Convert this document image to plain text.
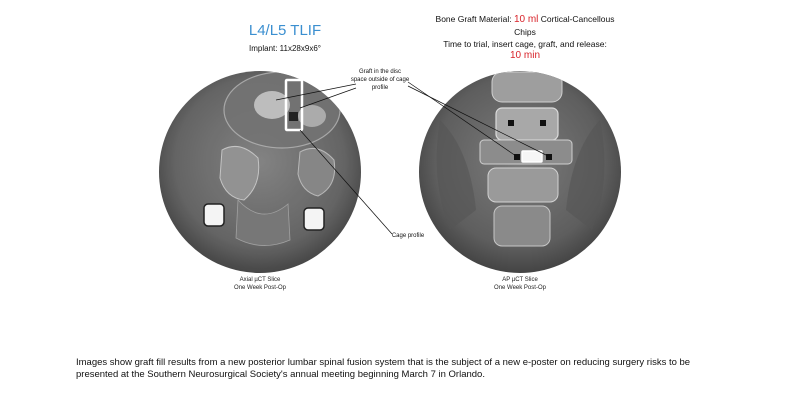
L4/L5 TLIF
Implant: 11x28x9x6°
Bone Graft Material: 10 ml Cortical-Cancellous
Chips
Time to trial, insert cage, graft, and release:
10 min
Graft in the disc
space outside of cage
profile
Cage profile
Axial µCT Slice
One Week Post-Op
AP µCT Slice
One Week Post-Op
Images show graft fill results from a new posterior lumbar spinal fusion system that is the subject of a new e-poster on reducing surgery risks to be presented at the Southern Neurosurgical Society's annual meeting beginning March 7 in Orlando.
